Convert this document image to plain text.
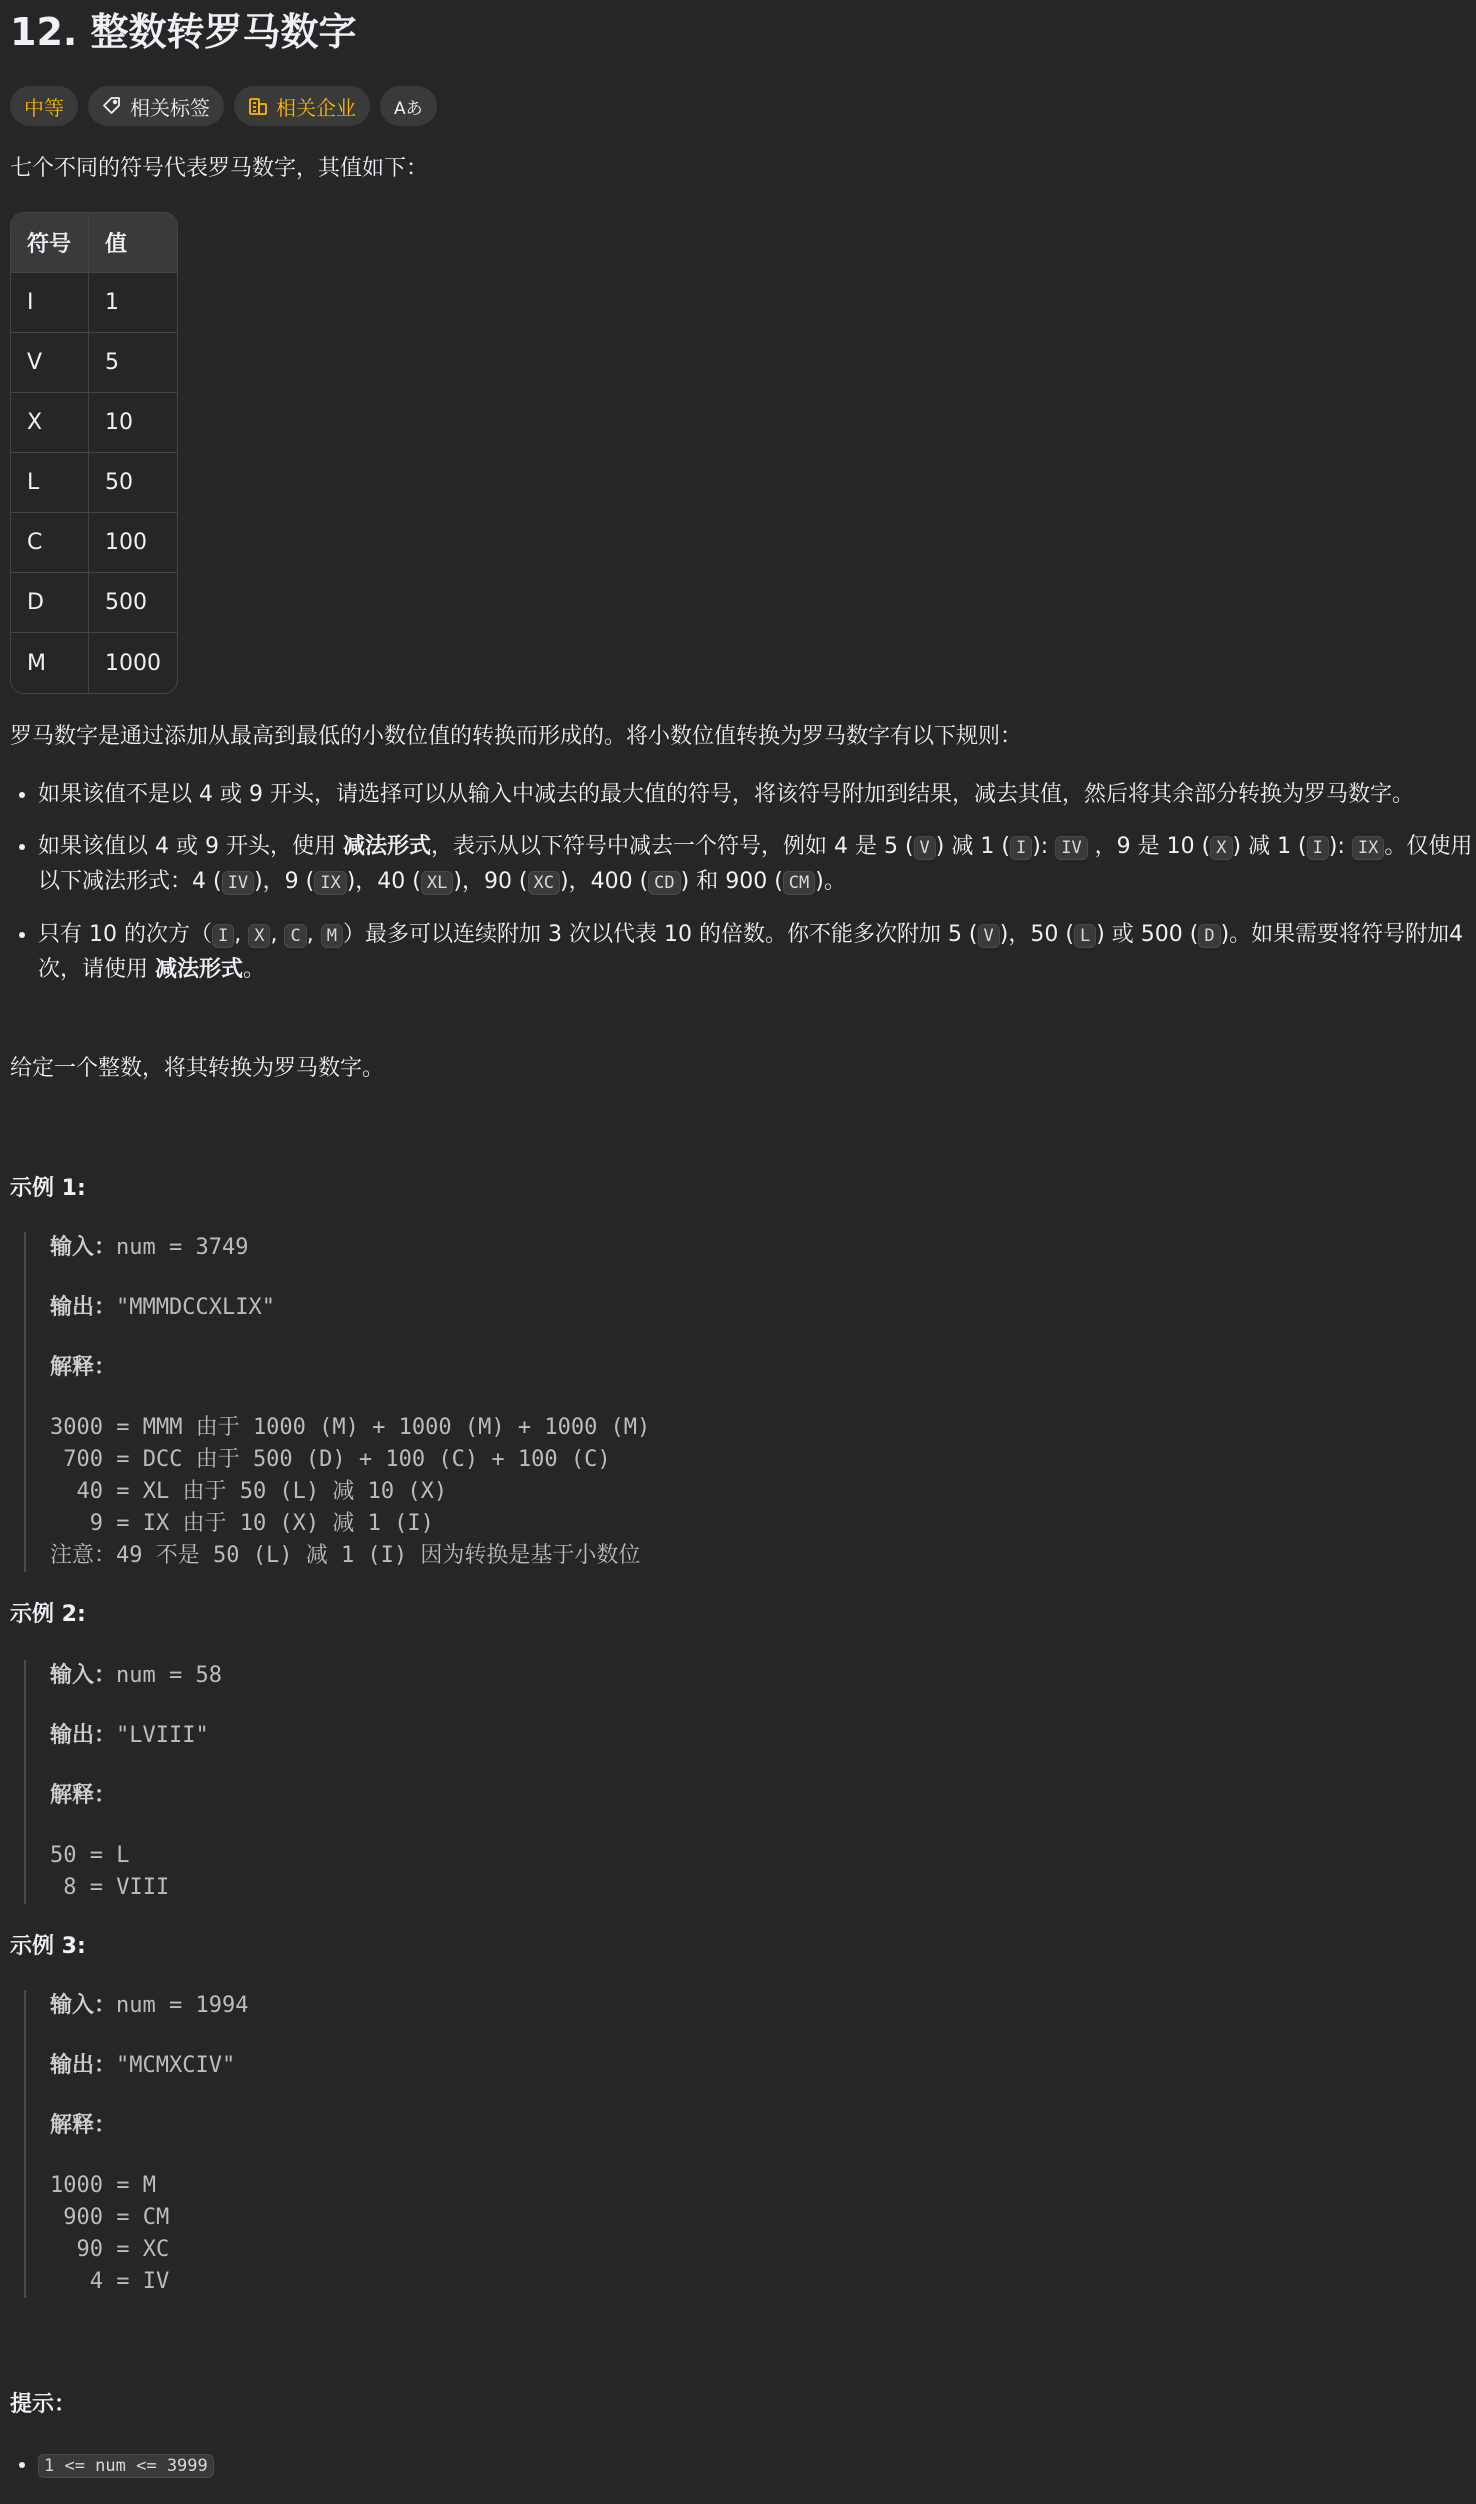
12. 整数转罗马数字
中等	相关标签	相关企业 Aあ

七个不同的符号代表罗马数字，其值如下：

符号	值
I	1
V	5
X	10
L	50
C	100
D	500
M	1000

罗马数字是通过添加从最高到最低的小数位值的转换而形成的。将小数位值转换为罗马数字有以下规则：

• 如果该值不是以 4 或 9 开头，请选择可以从输入中减去的最大值的符号，将该符号附加到结果，减去其值，然后将其余部分转换为罗马数字。
• 如果该值以 4 或 9 开头，使用 减法形式，表示从以下符号中减去一个符号，例如 4 是 5 ( V ) 减 1 ( I ): IV ，9 是 10 ( X ) 减 1 ( I ): IX 。仅使用以下减法形式：4 ( IV )，9 ( IX )，40 ( XL )，90 ( XC )，400 ( CD ) 和 900 ( CM )。
• 只有 10 的次方（ I , X , C , M ）最多可以连续附加 3 次以代表 10 的倍数。你不能多次附加 5 ( V )，50 ( L ) 或 500 ( D )。如果需要将符号附加4次，请使用 减法形式。

给定一个整数，将其转换为罗马数字。

示例 1:

输入：num = 3749
输出："MMMDCCXLIX"
解释：
3000 = MMM 由于 1000 (M) + 1000 (M) + 1000 (M)
700 = DCC 由于 500 (D) + 100 (C) + 100 (C)
40 = XL 由于 50 (L) 减 10 (X)
9 = IX 由于 10 (X) 减 1 (I)
注意：49 不是 50 (L) 减 1 (I) 因为转换是基于小数位

示例 2:

输入：num = 58
输出："LVIII"
解释：
50 = L
8 = VIII

示例 3:

输入：num = 1994
输出："MCMXCIV"
解释：
1000 = M
900 = CM
90 = XC
4 = IV

提示：

• 1 <= num <= 3999
